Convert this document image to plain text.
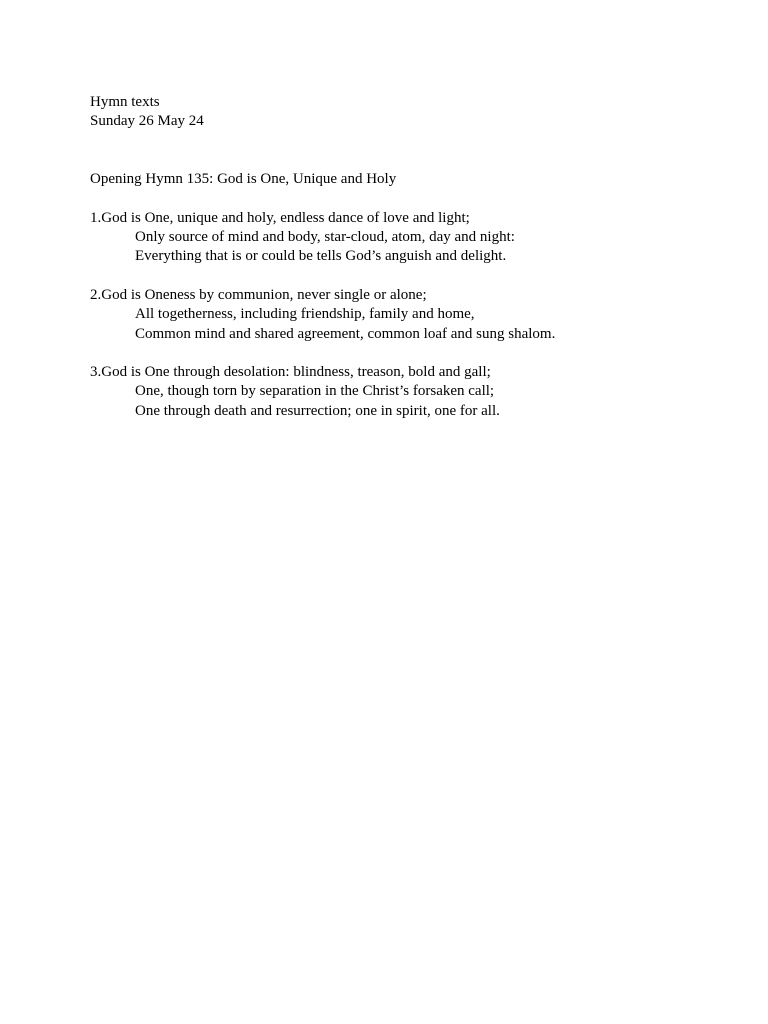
Hymn texts
Sunday 26 May 24
Opening Hymn 135: God is One, Unique and Holy
1.God is One, unique and holy, endless dance of love and light;
Only source of mind and body, star-cloud, atom, day and night:
Everything that is or could be tells God’s anguish and delight.
2.God is Oneness by communion, never single or alone;
All togetherness, including friendship, family and home,
Common mind and shared agreement, common loaf and sung shalom.
3.God is One through desolation: blindness, treason, bold and gall;
One, though torn by separation in the Christ’s forsaken call;
One through death and resurrection; one in spirit, one for all.
